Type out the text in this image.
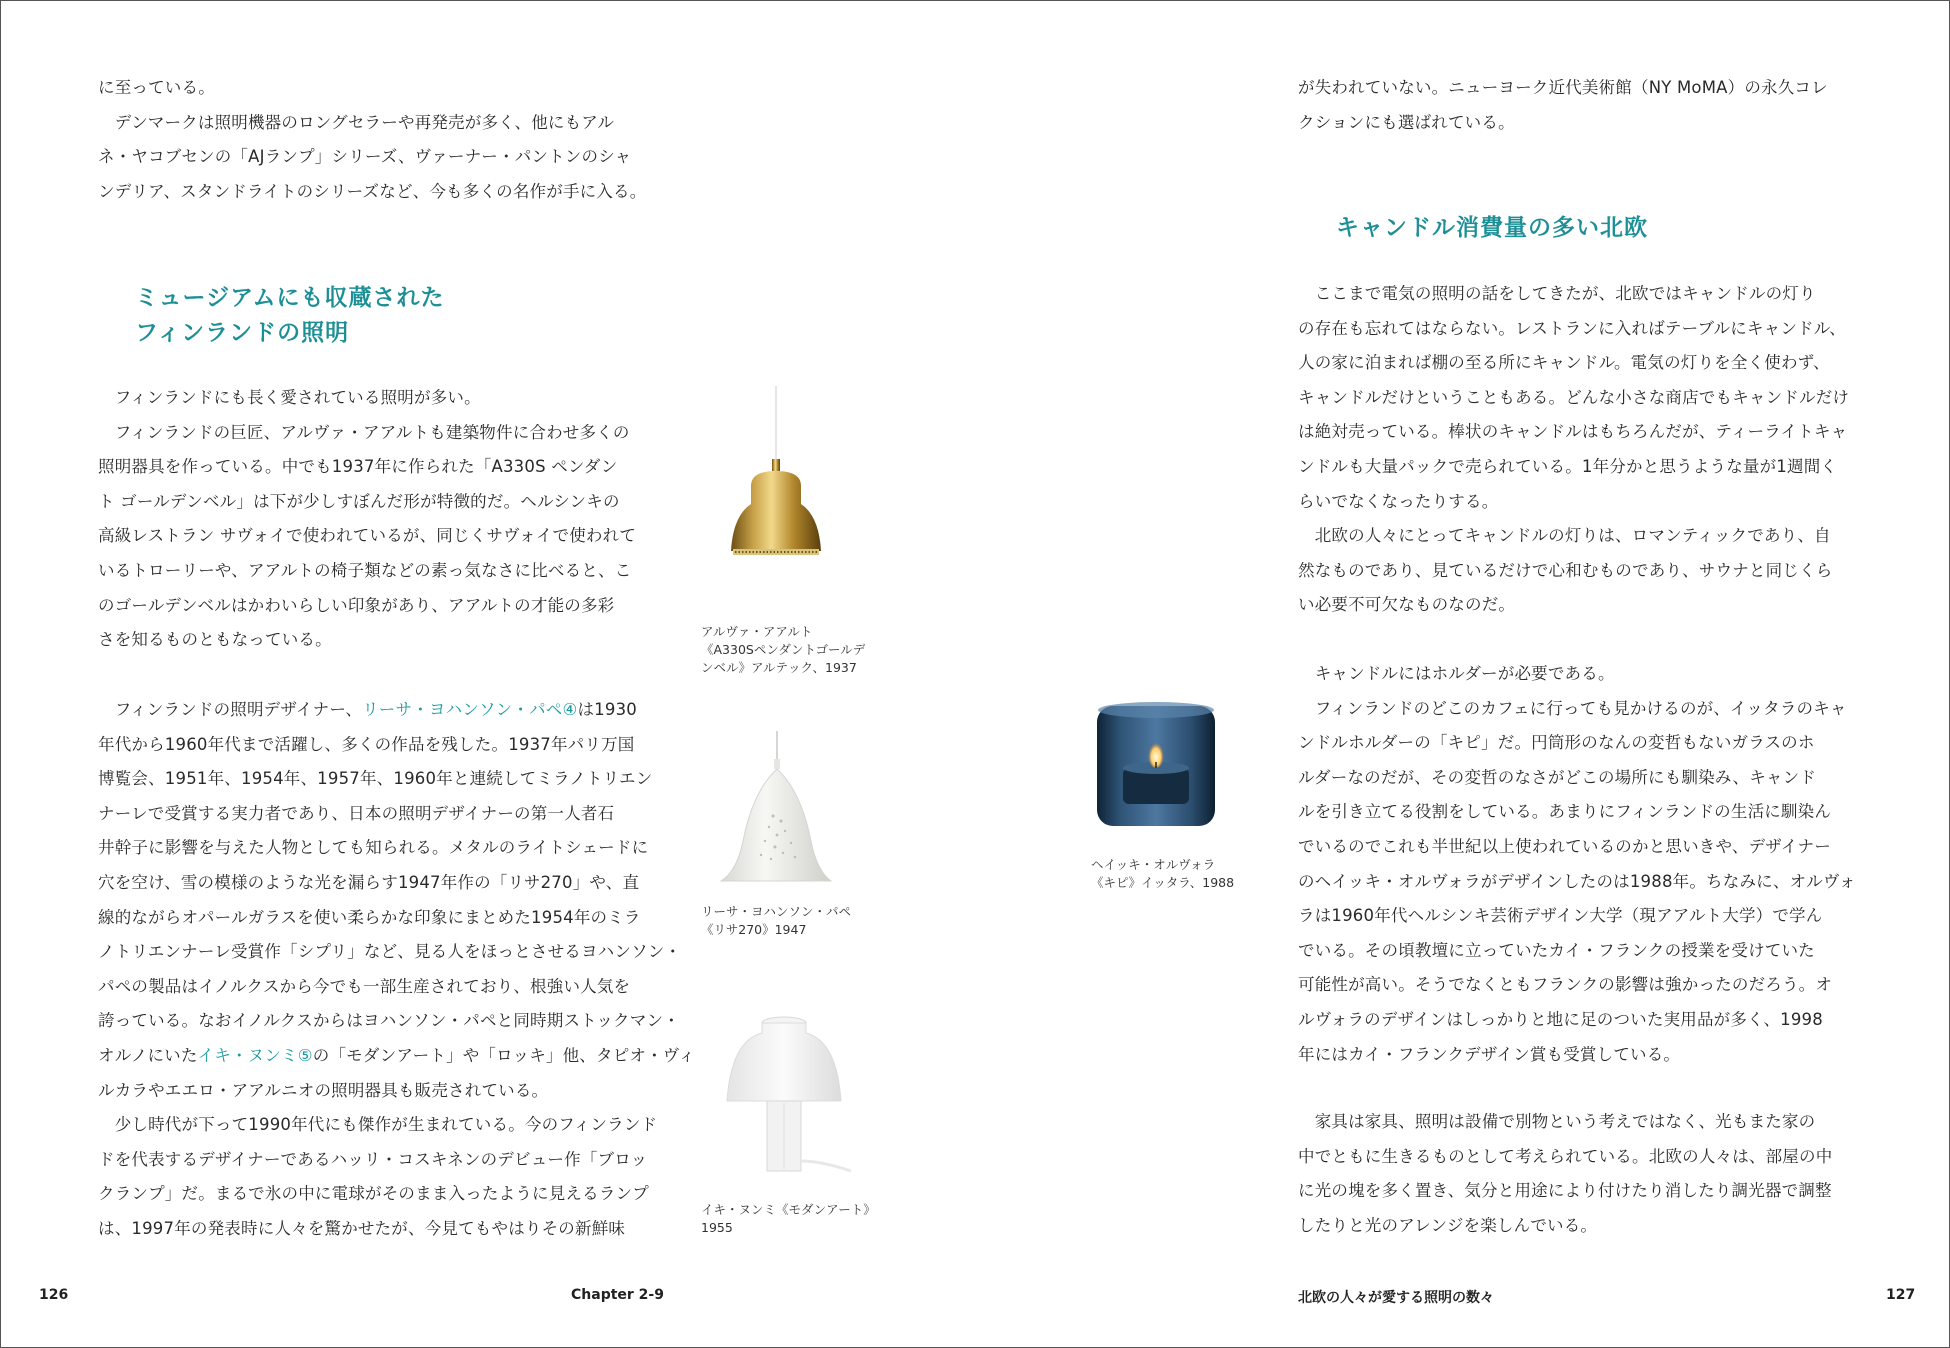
に至っている。
　デンマークは照明機器のロングセラーや再発売が多く、他にもアル
ネ・ヤコブセンの「AJランプ」シリーズ、ヴァーナー・パントンのシャ
ンデリア、スタンドライトのシリーズなど、今も多くの名作が手に入る。
ミュージアムにも収蔵された
フィンランドの照明
　フィンランドにも長く愛されている照明が多い。
　フィンランドの巨匠、アルヴァ・アアルトも建築物件に合わせ多くの
照明器具を作っている。中でも1937年に作られた「A330S ペンダン
ト ゴールデンベル」は下が少しすぼんだ形が特徴的だ。ヘルシンキの
高級レストラン サヴォイで使われているが、同じくサヴォイで使われて
いるトローリーや、アアルトの椅子類などの素っ気なさに比べると、こ
のゴールデンベルはかわいらしい印象があり、アアルトの才能の多彩
さを知るものともなっている。
　フィンランドの照明デザイナー、リーサ・ヨハンソン・パペ④は1930
年代から1960年代まで活躍し、多くの作品を残した。1937年パリ万国
博覧会、1951年、1954年、1957年、1960年と連続してミラノトリエン
ナーレで受賞する実力者であり、日本の照明デザイナーの第一人者石
井幹子に影響を与えた人物としても知られる。メタルのライトシェードに
穴を空け、雪の模様のような光を漏らす1947年作の「リサ270」や、直
線的ながらオパールガラスを使い柔らかな印象にまとめた1954年のミラ
ノトリエンナーレ受賞作「シプリ」など、見る人をほっとさせるヨハンソン・
パペの製品はイノルクスから今でも一部生産されており、根強い人気を
誇っている。なおイノルクスからはヨハンソン・パペと同時期ストックマン・
オルノにいたイキ・ヌンミ⑤の「モダンアート」や「ロッキ」他、タピオ・ヴィ
ルカラやエエロ・アアルニオの照明器具も販売されている。
　少し時代が下って1990年代にも傑作が生まれている。今のフィンランド
ドを代表するデザイナーであるハッリ・コスキネンのデビュー作「ブロッ
クランプ」だ。まるで氷の中に電球がそのまま入ったように見えるランプ
は、1997年の発表時に人々を驚かせたが、今見てもやはりその新鮮味
アルヴァ・アアルト
《A330Sペンダントゴールデ
ンベル》アルテック、1937
リーサ・ヨハンソン・パペ
《リサ270》1947
イキ・ヌンミ《モダンアート》
1955
126	Chapter 2-9
が失われていない。ニューヨーク近代美術館（NY MoMA）の永久コレ
クションにも選ばれている。
キャンドル消費量の多い北欧
　ここまで電気の照明の話をしてきたが、北欧ではキャンドルの灯り
の存在も忘れてはならない。レストランに入ればテーブルにキャンドル、
人の家に泊まれば棚の至る所にキャンドル。電気の灯りを全く使わず、
キャンドルだけということもある。どんな小さな商店でもキャンドルだけ
は絶対売っている。棒状のキャンドルはもちろんだが、ティーライトキャ
ンドルも大量パックで売られている。1年分かと思うような量が1週間く
らいでなくなったりする。
　北欧の人々にとってキャンドルの灯りは、ロマンティックであり、自
然なものであり、見ているだけで心和むものであり、サウナと同じくら
い必要不可欠なものなのだ。
　キャンドルにはホルダーが必要である。
　フィンランドのどこのカフェに行っても見かけるのが、イッタラのキャ
ンドルホルダーの「キピ」だ。円筒形のなんの変哲もないガラスのホ
ルダーなのだが、その変哲のなさがどこの場所にも馴染み、キャンド
ルを引き立てる役割をしている。あまりにフィンランドの生活に馴染ん
でいるのでこれも半世紀以上使われているのかと思いきや、デザイナー
のヘイッキ・オルヴォラがデザインしたのは1988年。ちなみに、オルヴォ
ラは1960年代ヘルシンキ芸術デザイン大学（現アアルト大学）で学ん
でいる。その頃教壇に立っていたカイ・フランクの授業を受けていた
可能性が高い。そうでなくともフランクの影響は強かったのだろう。オ
ルヴォラのデザインはしっかりと地に足のついた実用品が多く、1998
年にはカイ・フランクデザイン賞も受賞している。
　家具は家具、照明は設備で別物という考えではなく、光もまた家の
中でともに生きるものとして考えられている。北欧の人々は、部屋の中
に光の塊を多く置き、気分と用途により付けたり消したり調光器で調整
したりと光のアレンジを楽しんでいる。
ヘイッキ・オルヴォラ
《キピ》イッタラ、1988
北欧の人々が愛する照明の数々	127
